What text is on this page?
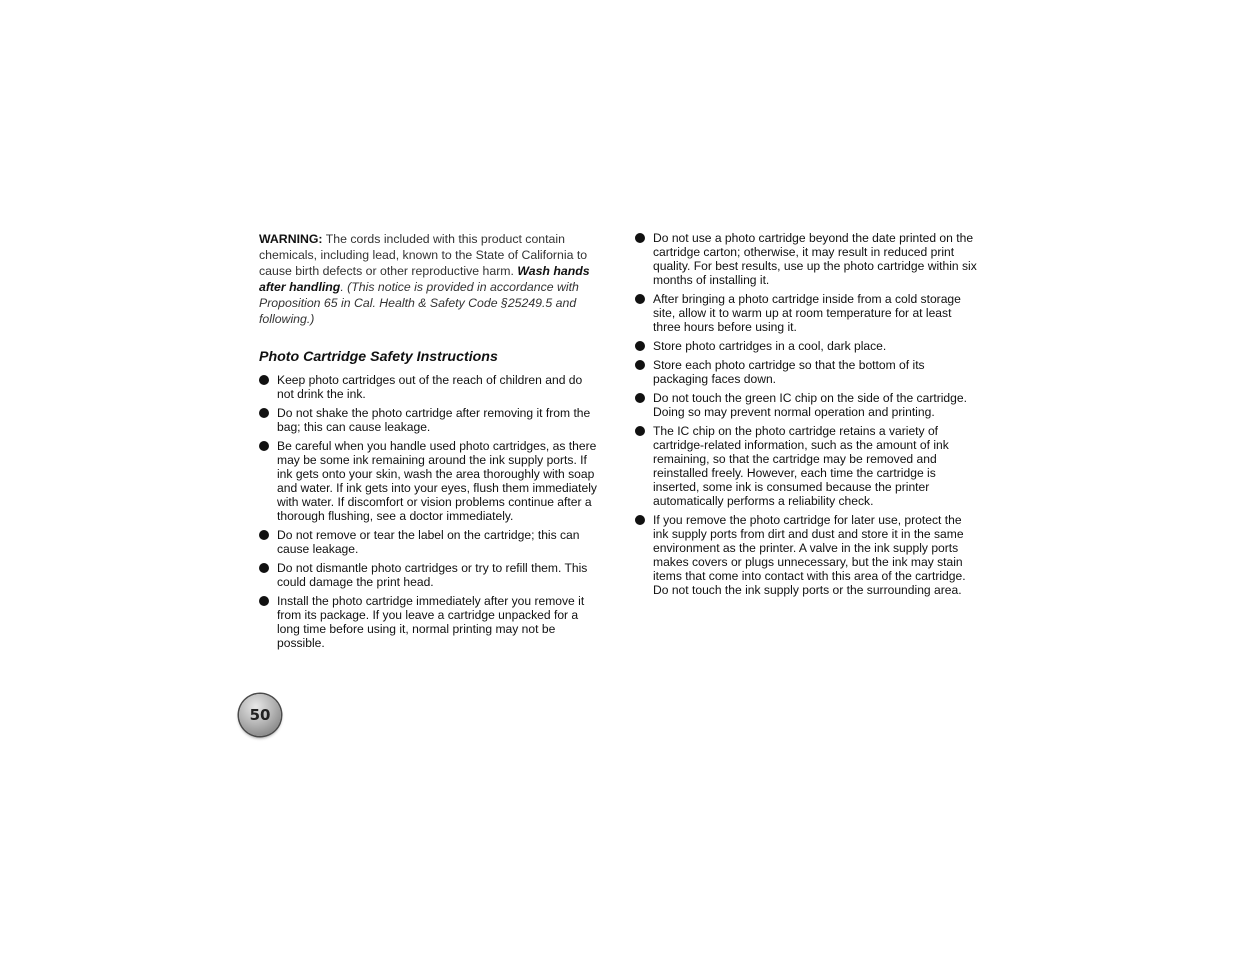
WARNING: The cords included with this product contain chemicals, including lead, known to the State of California to cause birth defects or other reproductive harm. Wash hands after handling. (This notice is provided in accordance with Proposition 65 in Cal. Health & Safety Code §25249.5 and following.)

Photo Cartridge Safety Instructions
Keep photo cartridges out of the reach of children and do not drink the ink.
Do not shake the photo cartridge after removing it from the bag; this can cause leakage.
Be careful when you handle used photo cartridges, as there may be some ink remaining around the ink supply ports. If ink gets onto your skin, wash the area thoroughly with soap and water. If ink gets into your eyes, flush them immediately with water. If discomfort or vision problems continue after a thorough flushing, see a doctor immediately.
Do not remove or tear the label on the cartridge; this can cause leakage.
Do not dismantle photo cartridges or try to refill them. This could damage the print head.
Install the photo cartridge immediately after you remove it from its package. If you leave a cartridge unpacked for a long time before using it, normal printing may not be possible.
Do not use a photo cartridge beyond the date printed on the cartridge carton; otherwise, it may result in reduced print quality. For best results, use up the photo cartridge within six months of installing it.
After bringing a photo cartridge inside from a cold storage site, allow it to warm up at room temperature for at least three hours before using it.
Store photo cartridges in a cool, dark place.
Store each photo cartridge so that the bottom of its packaging faces down.
Do not touch the green IC chip on the side of the cartridge. Doing so may prevent normal operation and printing.
The IC chip on the photo cartridge retains a variety of cartridge-related information, such as the amount of ink remaining, so that the cartridge may be removed and reinstalled freely. However, each time the cartridge is inserted, some ink is consumed because the printer automatically performs a reliability check.
If you remove the photo cartridge for later use, protect the ink supply ports from dirt and dust and store it in the same environment as the printer. A valve in the ink supply ports makes covers or plugs unnecessary, but the ink may stain items that come into contact with this area of the cartridge. Do not touch the ink supply ports or the surrounding area.
50
